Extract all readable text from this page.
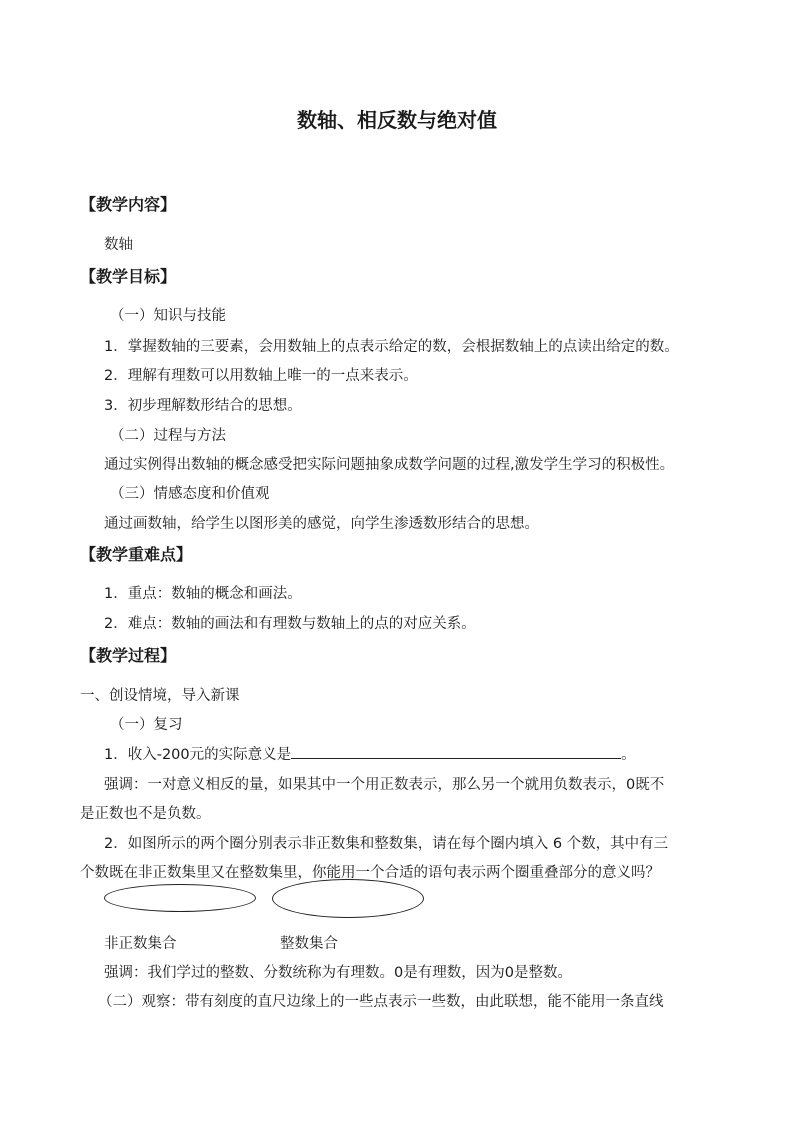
数轴、相反数与绝对值
【教学内容】
数轴
【教学目标】
（一）知识与技能
1．掌握数轴的三要素，会用数轴上的点表示给定的数，会根据数轴上的点读出给定的数。
2．理解有理数可以用数轴上唯一的一点来表示。
3．初步理解数形结合的思想。
（二）过程与方法
通过实例得出数轴的概念感受把实际问题抽象成数学问题的过程,激发学生学习的积极性。
（三）情感态度和价值观
通过画数轴，给学生以图形美的感觉，向学生渗透数形结合的思想。
【教学重难点】
1．重点：数轴的概念和画法。
2．难点：数轴的画法和有理数与数轴上的点的对应关系。
【教学过程】
一、创设情境，导入新课
（一）复习
1．收入-200元的实际意义是	。
强调：一对意义相反的量，如果其中一个用正数表示，那么另一个就用负数表示，0既不
是正数也不是负数。
2．如图所示的两个圈分别表示非正数集和整数集，请在每个圈内填入 6 个数，其中有三
个数既在非正数集里又在整数集里，你能用一个合适的语句表示两个圈重叠部分的意义吗？
非正数集合	整数集合
强调：我们学过的整数、分数统称为有理数。0是有理数，因为0是整数。
（二）观察：带有刻度的直尺边缘上的一些点表示一些数，由此联想，能不能用一条直线
